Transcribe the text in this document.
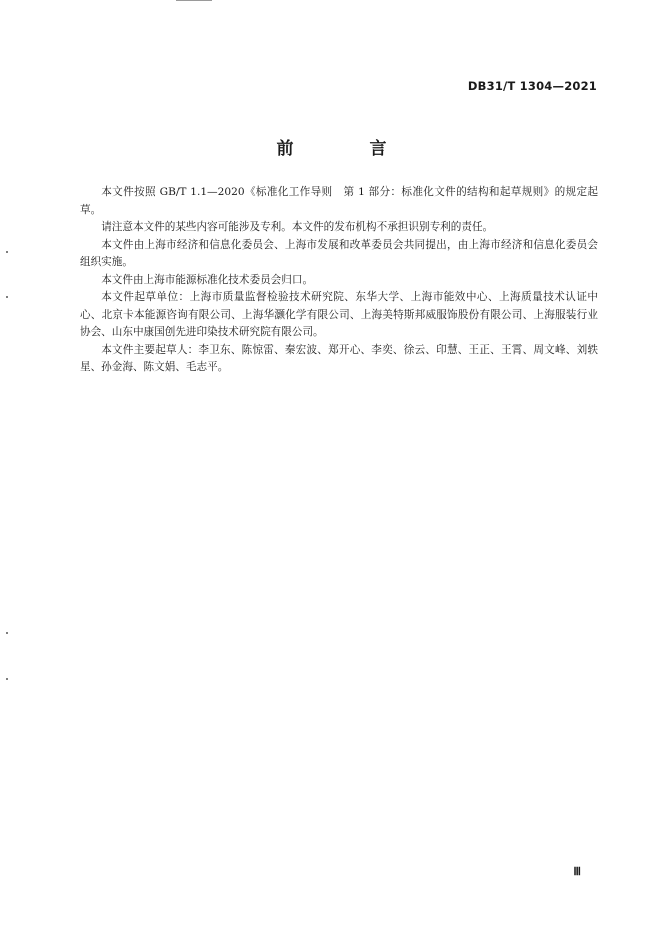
DB31/T 1304—2021
前 言

本文件按照 GB/T 1.1—2020《标准化工作导则　第 1 部分：标准化文件的结构和起草规则》的规定起草。

请注意本文件的某些内容可能涉及专利。本文件的发布机构不承担识别专利的责任。

本文件由上海市经济和信息化委员会、上海市发展和改革委员会共同提出，由上海市经济和信息化委员会组织实施。

本文件由上海市能源标准化技术委员会归口。

本文件起草单位：上海市质量监督检验技术研究院、东华大学、上海市能效中心、上海质量技术认证中心、北京卡本能源咨询有限公司、上海华灏化学有限公司、上海美特斯邦威服饰股份有限公司、上海服装行业协会、山东中康国创先进印染技术研究院有限公司。

本文件主要起草人：李卫东、陈惊雷、秦宏波、郑开心、李奕、徐云、印慧、王正、王霄、周文峰、刘轶星、孙金海、陈文娟、毛志平。

Ⅲ
